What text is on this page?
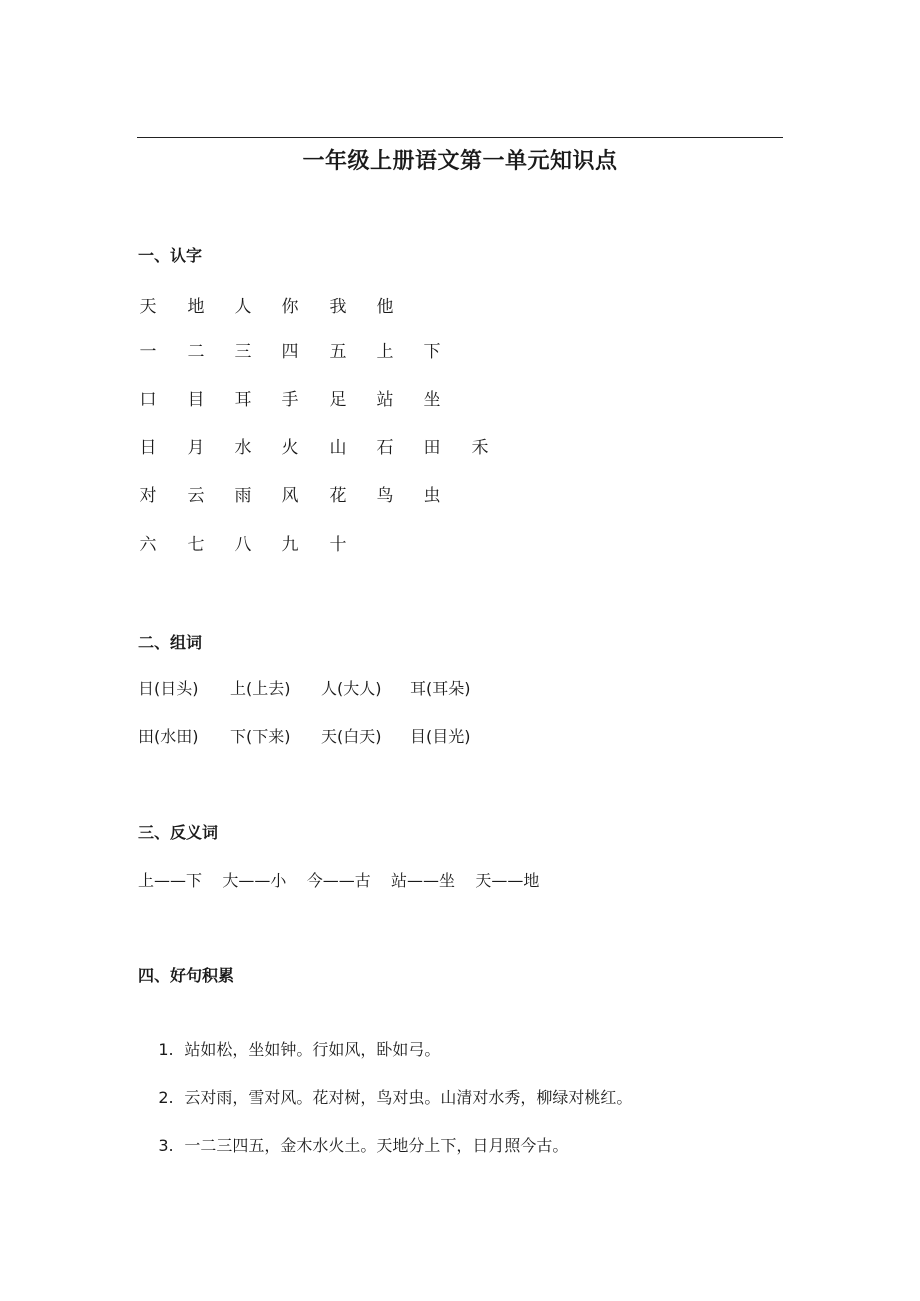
一年级上册语文第一单元知识点
一、认字
天 地 人 你 我 他
一 二 三 四 五 上 下
口 目 耳 手 足 站 坐
日 月 水 火 山 石 田 禾
对 云 雨 风 花 鸟 虫
六 七 八 九 十
二、组词
日(日头) 上(上去) 人(大人) 耳(耳朵)
田(水田) 下(下来) 天(白天) 目(目光)
三、反义词
上——下    大——小    今——古    站——坐    天——地
四、好句积累

1. 站如松，坐如钟。行如风，卧如弓。

2. 云对雨，雪对风。花对树，鸟对虫。山清对水秀，柳绿对桃红。

3. 一二三四五，金木水火土。天地分上下，日月照今古。
